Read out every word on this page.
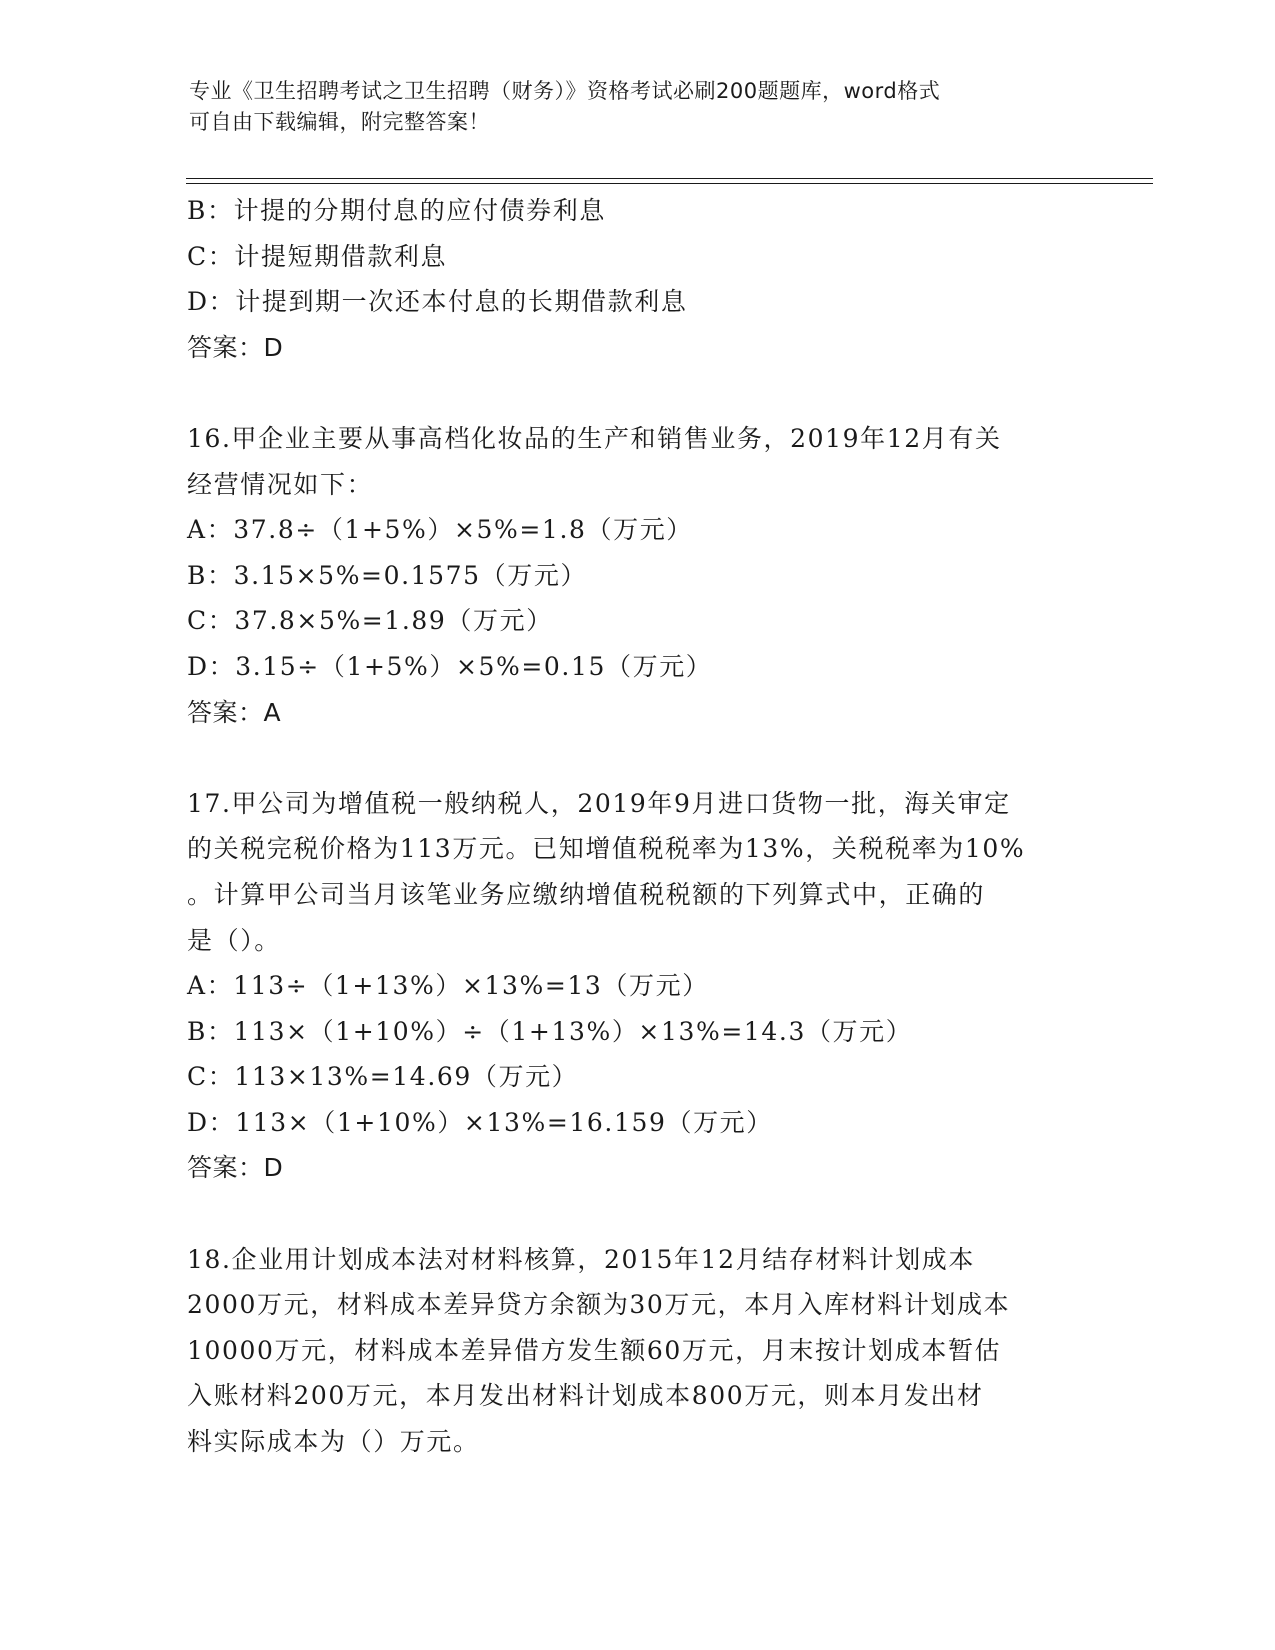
专业《卫生招聘考试之卫生招聘（财务）》资格考试必刷200题题库，word格式
可自由下载编辑，附完整答案！
B：计提的分期付息的应付债券利息
C：计提短期借款利息
D：计提到期一次还本付息的长期借款利息
答案：D
16.甲企业主要从事高档化妆品的生产和销售业务，2019年12月有关
经营情况如下：
A：37.8÷（1+5%）×5%=1.8（万元）
B：3.15×5%=0.1575（万元）
C：37.8×5%=1.89（万元）
D：3.15÷（1+5%）×5%=0.15（万元）
答案：A
17.甲公司为增值税一般纳税人，2019年9月进口货物一批，海关审定
的关税完税价格为113万元。已知增值税税率为13%，关税税率为10%
。计算甲公司当月该笔业务应缴纳增值税税额的下列算式中，正确的
是（）。
A：113÷（1+13%）×13%=13（万元）
B：113×（1+10%）÷（1+13%）×13%=14.3（万元）
C：113×13%=14.69（万元）
D：113×（1+10%）×13%=16.159（万元）
答案：D
18.企业用计划成本法对材料核算，2015年12月结存材料计划成本
2000万元，材料成本差异贷方余额为30万元，本月入库材料计划成本
10000万元，材料成本差异借方发生额60万元，月末按计划成本暂估
入账材料200万元，本月发出材料计划成本800万元，则本月发出材
料实际成本为（）万元。
